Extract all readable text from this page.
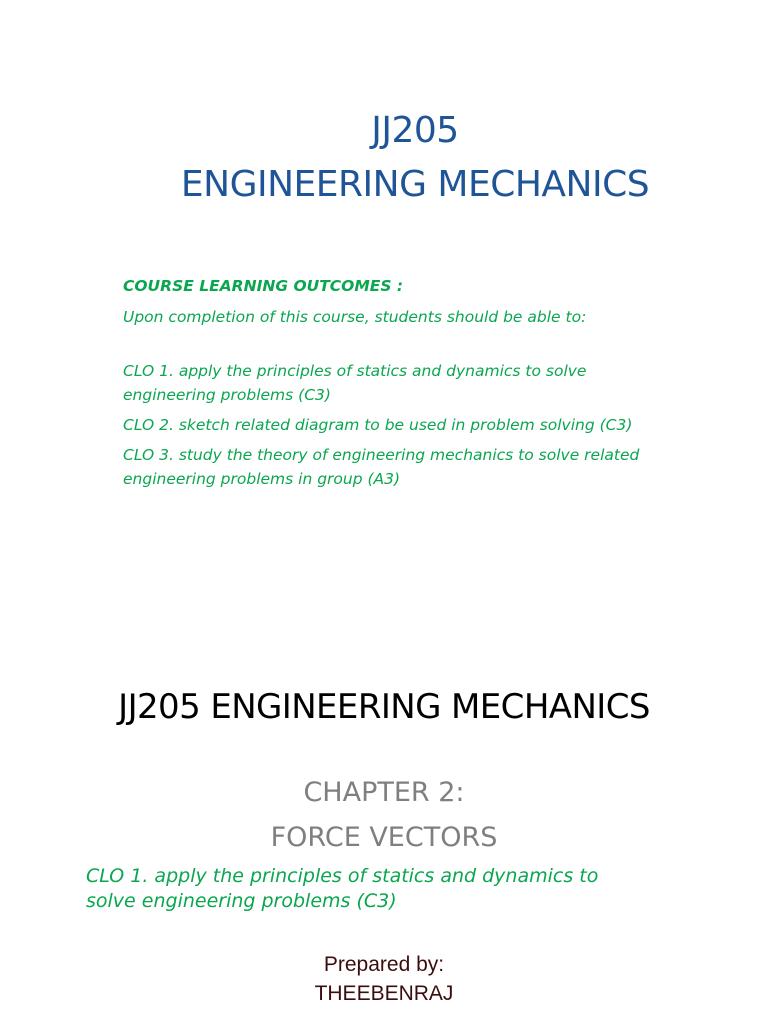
JJ205
ENGINEERING MECHANICS
COURSE LEARNING OUTCOMES :
Upon completion of this course, students should be able to:
CLO 1. apply the principles of statics and dynamics to solve
engineering problems (C3)
CLO 2. sketch related diagram to be used in problem solving (C3)
CLO 3. study the theory of engineering mechanics to solve related
engineering problems in group (A3)
JJ205 ENGINEERING MECHANICS
CHAPTER 2:
FORCE VECTORS
CLO 1. apply the principles of statics and dynamics to
solve engineering problems (C3)
Prepared by:
THEEBENRAJ
